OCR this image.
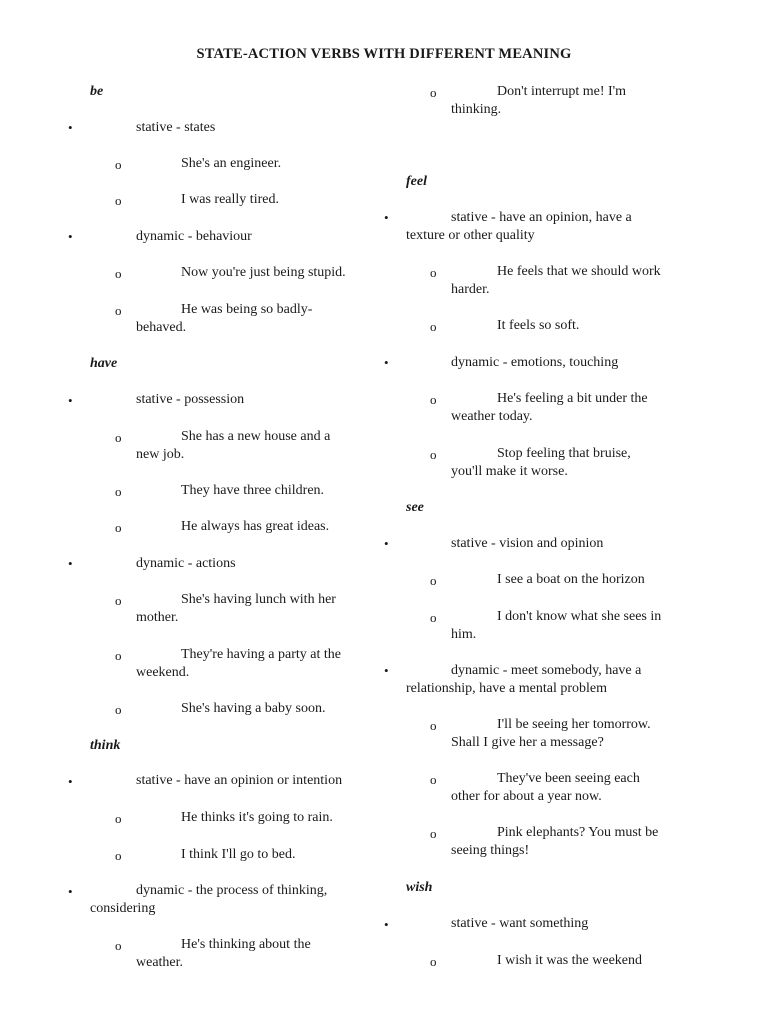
STATE-ACTION VERBS WITH DIFFERENT MEANING
be
•	stative - states
o	She's an engineer.
o	I was really tired.
•	dynamic - behaviour
o	Now you're just being stupid.
o	He was being so badly-
behaved.
have
•	stative - possession
o	She has a new house and a
new job.
o	They have three children.
o	He always has great ideas.
•	dynamic - actions
o	She's having lunch with her
mother.
o	They're having a party at the
weekend.
o	She's having a baby soon.
think
•	stative - have an opinion or intention
o	He thinks it's going to rain.
o	I think I'll go to bed.
•	dynamic - the process of thinking,
considering
o	He's thinking about the
weather.
o	Don't interrupt me! I'm
thinking.
feel
•	stative - have an opinion, have a
texture or other quality
o	He feels that we should work
harder.
o	It feels so soft.
•	dynamic - emotions, touching
o	He's feeling a bit under the
weather today.
o	Stop feeling that bruise,
you'll make it worse.
see
•	stative - vision and opinion
o	I see a boat on the horizon
o	I don't know what she sees in
him.
•	dynamic - meet somebody, have a
relationship, have a mental problem
o	I'll be seeing her tomorrow.
Shall I give her a message?
o	They've been seeing each
other for about a year now.
o	Pink elephants? You must be
seeing things!
wish
•	stative - want something
o	I wish it was the weekend
